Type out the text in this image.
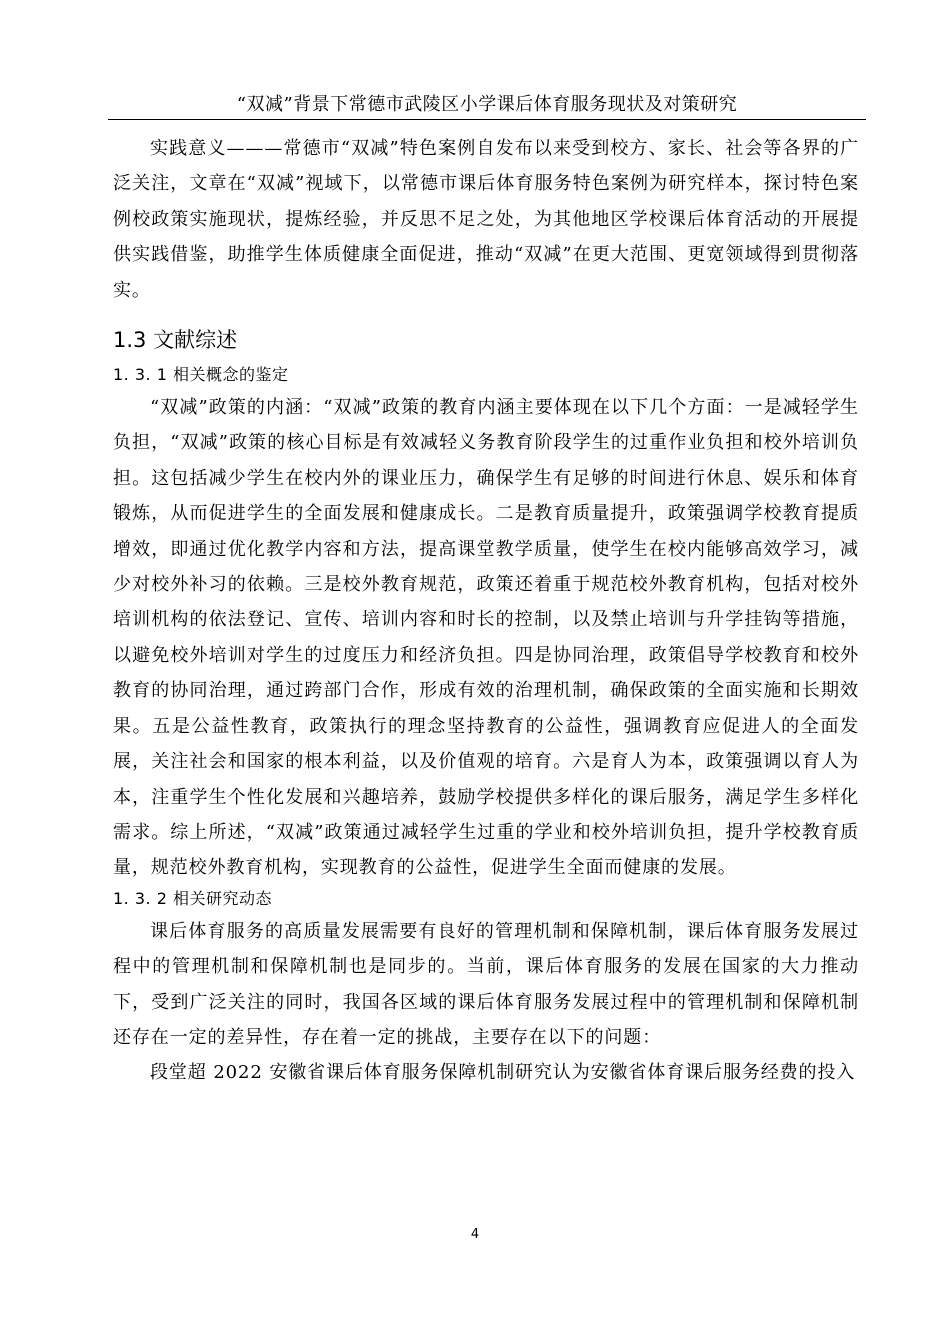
“双减”背景下常德市武陵区小学课后体育服务现状及对策研究

实践意义———常德市“双减”特色案例自发布以来受到校方、家长、社会等各界的广泛关注，文章在“双减”视域下，以常德市课后体育服务特色案例为研究样本，探讨特色案例校政策实施现状，提炼经验，并反思不足之处，为其他地区学校课后体育活动的开展提供实践借鉴，助推学生体质健康全面促进，推动“双减”在更大范围、更宽领域得到贯彻落实。

1.3 文献综述
1. 3. 1 相关概念的鉴定

“双减”政策的内涵：“双减”政策的教育内涵主要体现在以下几个方面：一是减轻学生负担，“双减”政策的核心目标是有效减轻义务教育阶段学生的过重作业负担和校外培训负担。这包括减少学生在校内外的课业压力，确保学生有足够的时间进行休息、娱乐和体育锻炼，从而促进学生的全面发展和健康成长。二是教育质量提升，政策强调学校教育提质增效，即通过优化教学内容和方法，提高课堂教学质量，使学生在校内能够高效学习，减少对校外补习的依赖。三是校外教育规范，政策还着重于规范校外教育机构，包括对校外培训机构的依法登记、宣传、培训内容和时长的控制，以及禁止培训与升学挂钩等措施，以避免校外培训对学生的过度压力和经济负担。四是协同治理，政策倡导学校教育和校外教育的协同治理，通过跨部门合作，形成有效的治理机制，确保政策的全面实施和长期效果。五是公益性教育，政策执行的理念坚持教育的公益性，强调教育应促进人的全面发展，关注社会和国家的根本利益，以及价值观的培育。六是育人为本，政策强调以育人为本，注重学生个性化发展和兴趣培养，鼓励学校提供多样化的课后服务，满足学生多样化需求。综上所述，“双减”政策通过减轻学生过重的学业和校外培训负担，提升学校教育质量，规范校外教育机构，实现教育的公益性，促进学生全面而健康的发展。

1. 3. 2 相关研究动态

课后体育服务的高质量发展需要有良好的管理机制和保障机制，课后体育服务发展过程中的管理机制和保障机制也是同步的。当前，课后体育服务的发展在国家的大力推动下，受到广泛关注的同时，我国各区域的课后体育服务发展过程中的管理机制和保障机制还存在一定的差异性，存在着一定的挑战，主要存在以下的问题：

段堂超 2022 安徽省课后体育服务保障机制研究认为安徽省体育课后服务经费的投入

4
